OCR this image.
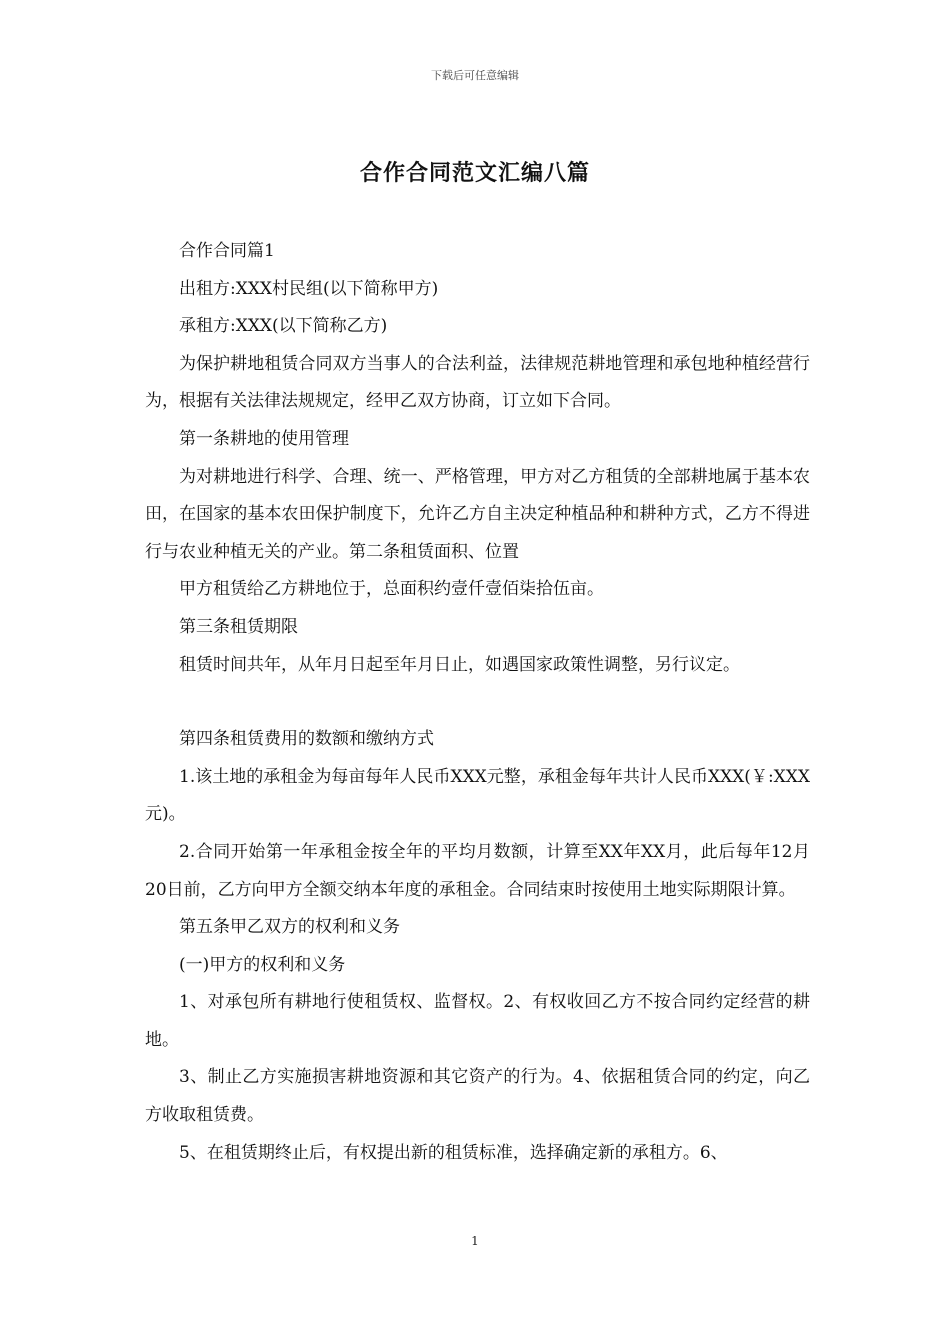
下载后可任意编辑
合作合同范文汇编八篇

合作合同篇1

出租方:XXX村民组(以下简称甲方)

承租方:XXX(以下简称乙方)

为保护耕地租赁合同双方当事人的合法利益，法律规范耕地管理和承包地种植经营行为，根据有关法律法规规定，经甲乙双方协商，订立如下合同。

第一条耕地的使用管理

为对耕地进行科学、合理、统一、严格管理，甲方对乙方租赁的全部耕地属于基本农田，在国家的基本农田保护制度下，允许乙方自主决定种植品种和耕种方式，乙方不得进行与农业种植无关的产业。第二条租赁面积、位置

甲方租赁给乙方耕地位于，总面积约壹仟壹佰柒拾伍亩。

第三条租赁期限

租赁时间共年，从年月日起至年月日止，如遇国家政策性调整，另行议定。

第四条租赁费用的数额和缴纳方式

1.该土地的承租金为每亩每年人民币XXX元整，承租金每年共计人民币XXX(￥:XXX元)。

2.合同开始第一年承租金按全年的平均月数额，计算至XX年XX月，此后每年12月20日前，乙方向甲方全额交纳本年度的承租金。合同结束时按使用土地实际期限计算。

第五条甲乙双方的权利和义务

(一)甲方的权利和义务

1、对承包所有耕地行使租赁权、监督权。2、有权收回乙方不按合同约定经营的耕地。

3、制止乙方实施损害耕地资源和其它资产的行为。4、依据租赁合同的约定，向乙方收取租赁费。

5、在租赁期终止后，有权提出新的租赁标准，选择确定新的承租方。6、

1
